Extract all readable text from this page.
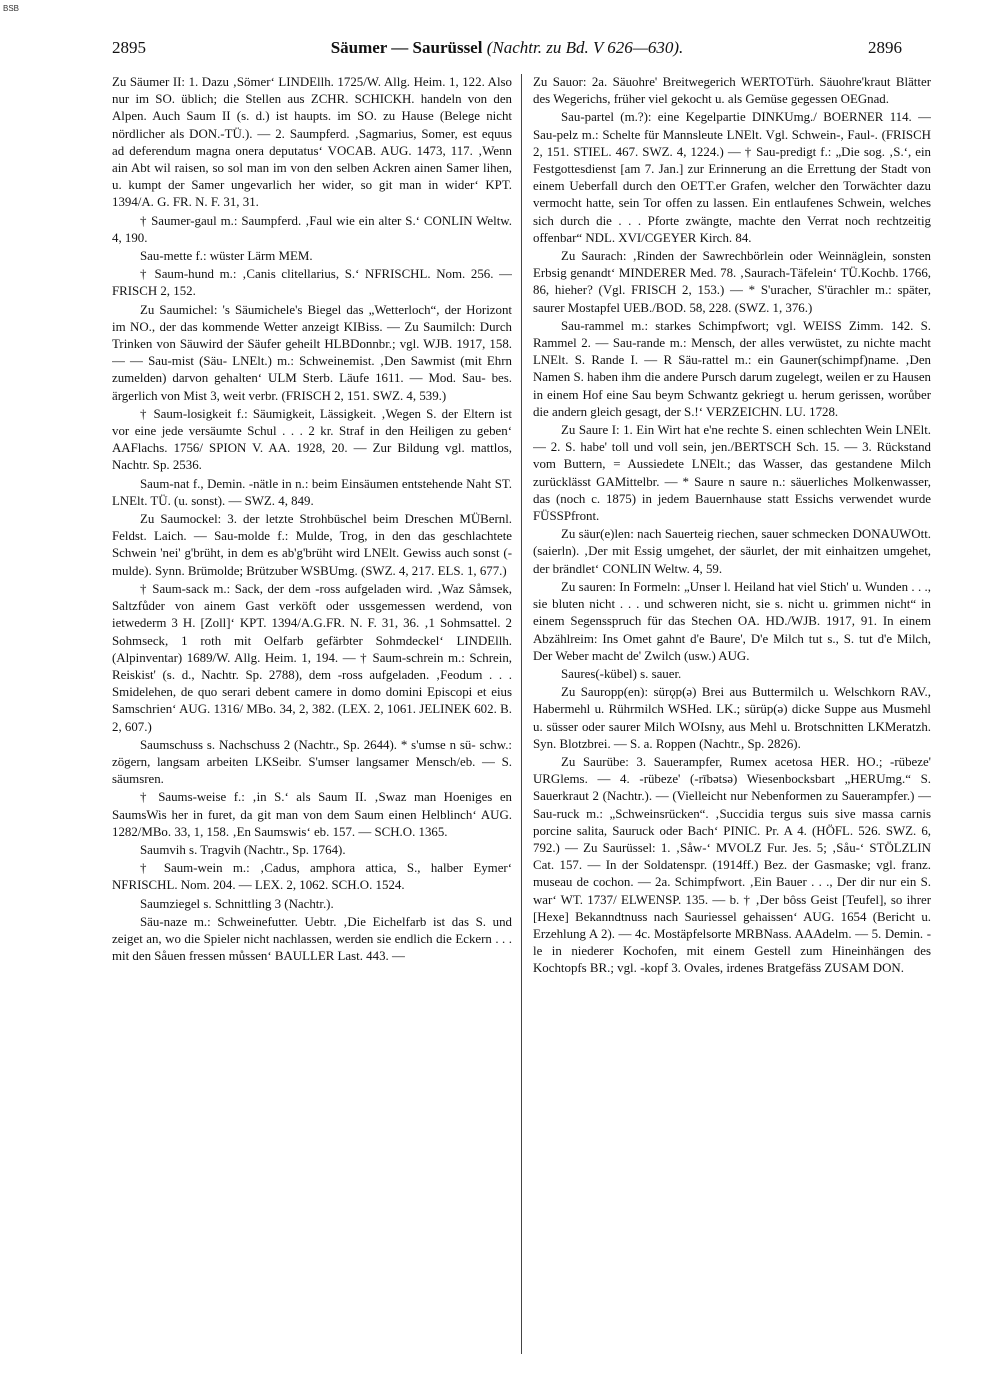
BSB
2895	Säumer — Saurüssel (Nachtr. zu Bd. V 626—630).	2896

Zu Säumer II: 1. Dazu ‚Sömer‘ LINDEllh. 1725/W. Allg. Heim. 1, 122. Also nur im SO. üblich; die Stellen aus ZCHR. SCHICKH. handeln von den Alpen. Auch Saum II (s. d.) ist haupts. im SO. zu Hause (Belege nicht nördlicher als DON.-TÜ.). — 2. Saumpferd. ‚Sagmarius, Somer, est equus ad deferendum magna onera deputatus‘ VOCAB. AUG. 1473, 117. ‚Wenn ain Abt wil raisen, so sol man im von den selben Ackren ainen Samer lihen, u. kumpt der Samer ungevarlich her wider, so git man in wider‘ KPT. 1394/A. G. FR. N. F. 31, 31.

† Saumer-gaul m.: Saumpferd. ‚Faul wie ein alter S.‘ CONLIN Weltw. 4, 190.

Sau-mette f.: wüster Lärm MEM.

† Saum-hund m.: ‚Canis clitellarius, S.‘ NFRISCHL. Nom. 256. — FRISCH 2, 152.

Zu Saumichel: 's Säumichele's Biegel das „Wetterloch“, der Horizont im NO., der das kommende Wetter anzeigt KIBiss. — Zu Saumilch: Durch Trinken von Säuwird der Säufer geheilt HLBDonnbr.; vgl. WJB. 1917, 158. — — Sau-mist (Säu- LNElt.) m.: Schweinemist. ‚Den Sawmist (mit Ehrn zumelden) darvon gehalten‘ ULM Sterb. Läufe 1611. — Mod. Sau- bes. ärgerlich von Mist 3, weit verbr. (FRISCH 2, 151. SWZ. 4, 539.)

† Saum-losigkeit f.: Säumigkeit, Lässigkeit. ‚Wegen S. der Eltern ist vor eine jede versäumte Schul . . . 2 kr. Straf in den Heiligen zu geben‘ AAFlachs. 1756/ SPION V. AA. 1928, 20. — Zur Bildung vgl. mattlos, Nachtr. Sp. 2536.

Saum-nat f., Demin. -nätle in n.: beim Einsäumen entstehende Naht ST. LNElt. TÜ. (u. sonst). — SWZ. 4, 849.

Zu Saumockel: 3. der letzte Strohbüschel beim Dreschen MÜBernl. Feldst. Laich. — Sau-molde f.: Mulde, Trog, in den das geschlachtete Schwein 'nei' g'brüht, in dem es ab'g'brüht wird LNElt. Gewiss auch sonst (-mulde). Synn. Brümolde; Brützuber WSBUmg. (SWZ. 4, 217. ELS. 1, 677.)

† Saum-sack m.: Sack, der dem -ross aufgeladen wird. ‚Waz Såmsek, Saltzfůder von ainem Gast verköft oder ussgemessen werdend, von ietwederm 3 H. [Zoll]‘ KPT. 1394/A.G.FR. N. F. 31, 36. ‚1 Sohmsattel. 2 Sohmseck, 1 roth mit Oelfarb gefärbter Sohmdeckel‘ LINDEllh. (Alpinventar) 1689/W. Allg. Heim. 1, 194. — † Saum-schrein m.: Schrein, Reiskist' (s. d., Nachtr. Sp. 2788), dem -ross aufgeladen. ‚Feodum . . . Smidelehen, de quo serari debent camere in domo domini Episcopi et eius Samschrien‘ AUG. 1316/ MBo. 34, 2, 382. (LEX. 2, 1061. JELINEK 602. B. 2, 607.)

Saumschuss s. Nachschuss 2 (Nachtr., Sp. 2644). * s'umse n sü- schw.: zögern, langsam arbeiten LKSeibr. S'umser langsamer Mensch/eb. — S. säumsren.

† Saums-weise f.: ‚in S.‘ als Saum II. ‚Swaz man Hoeniges en SaumsWis her in furet, da git man von dem Saum einen Helblinch‘ AUG. 1282/MBo. 33, 1, 158. ‚En Saumswis‘ eb. 157. — SCH.O. 1365.

Saumvih s. Tragvih (Nachtr., Sp. 1764).

† Saum-wein m.: ‚Cadus, amphora attica, S., halber Eymer‘ NFRISCHL. Nom. 204. — LEX. 2, 1062. SCH.O. 1524.

Saumziegel s. Schnittling 3 (Nachtr.).

Säu-naze m.: Schweinefutter. Uebtr. ‚Die Eichelfarb ist das S. und zeiget an, wo die Spieler nicht nachlassen, werden sie endlich die Eckern . . . mit den Såuen fressen můssen‘ BAULLER Last. 443. —

Zu Sauor: 2a. Säuohre' Breitwegerich WERTOTürh. Säuohre'kraut Blätter des Wegerichs, früher viel gekocht u. als Gemüse gegessen OEGnad.

Sau-partel (m.?): eine Kegelpartie DINKUmg./ BOERNER 114. — Sau-pelz m.: Schelte für Mannsleute LNElt. Vgl. Schwein-, Faul-. (FRISCH 2, 151. STIEL. 467. SWZ. 4, 1224.) — † Sau-predigt f.: „Die sog. ‚S.‘, ein Festgottesdienst [am 7. Jan.] zur Erinnerung an die Errettung der Stadt von einem Ueberfall durch den OETT.er Grafen, welcher den Torwächter dazu vermocht hatte, sein Tor offen zu lassen. Ein entlaufenes Schwein, welches sich durch die . . . Pforte zwängte, machte den Verrat noch rechtzeitig offenbar“ NDL. XVI/CGEYER Kirch. 84.

Zu Saurach: ‚Rinden der Sawrechbörlein oder Weinnäglein, sonsten Erbsig genandt‘ MINDERER Med. 78. ‚Saurach-Täfelein‘ TÜ.Kochb. 1766, 86, hieher? (Vgl. FRISCH 2, 153.) — * S'uracher, S'ürachler m.: später, saurer Mostapfel UEB./BOD. 58, 228. (SWZ. 1, 376.)

Sau-rammel m.: starkes Schimpfwort; vgl. WEISS Zimm. 142. S. Rammel 2. — Sau-rande m.: Mensch, der alles verwüstet, zu nichte macht LNElt. S. Rande I. — R Säu-rattel m.: ein Gauner(schimpf)name. ‚Den Namen S. haben ihm die andere Pursch darum zugelegt, weilen er zu Hausen in einem Hof eine Sau beym Schwantz gekriegt u. herum gerissen, worůber die andern gleich gesagt, der S.!‘ VERZEICHN. LU. 1728.

Zu Saure I: 1. Ein Wirt hat e'ne rechte S. einen schlechten Wein LNElt. — 2. S. habe' toll und voll sein, jen./BERTSCH Sch. 15. — 3. Rückstand vom Buttern, = Aussiedete LNElt.; das Wasser, das gestandene Milch zurücklässt GAMittelbr. — * Saure n saure n.: säuerliches Molkenwasser, das (noch c. 1875) in jedem Bauernhause statt Essichs verwendet wurde FÜSSPfront.

Zu säur(e)len: nach Sauerteig riechen, sauer schmecken DONAUWOtt. (saierln). ‚Der mit Essig umgehet, der säurlet, der mit einhaitzen umgehet, der brändlet‘ CONLIN Weltw. 4, 59.

Zu sauren: In Formeln: „Unser l. Heiland hat viel Stich' u. Wunden . . ., sie bluten nicht . . . und schweren nicht, sie s. nicht u. grimmen nicht“ in einem Segensspruch für das Stechen OA. HD./WJB. 1917, 91. In einem Abzählreim: Ins Omet gahnt d'e Baure', D'e Milch tut s., S. tut d'e Milch, Der Weber macht de' Zwilch (usw.) AUG.

Saures(-kübel) s. sauer.

Zu Sauropp(en): sürǫp(ə) Brei aus Buttermilch u. Welschkorn RAV., Habermehl u. Rührmilch WSHed. LK.; sürüp(ə) dicke Suppe aus Musmehl u. süsser oder saurer Milch WOIsny, aus Mehl u. Brotschnitten LKMeratzh. Syn. Blotzbrei. — S. a. Roppen (Nachtr., Sp. 2826).

Zu Saurübe: 3. Sauerampfer, Rumex acetosa HER. HO.; -rübeze' URGlems. — 4. -rübeze' (-rībətsə) Wiesenbocksbart „HERUmg.“ S. Sauerkraut 2 (Nachtr.). — (Vielleicht nur Nebenformen zu Sauerampfer.) — Sau-ruck m.: „Schweinsrücken“. ‚Succidia tergus suis sive massa carnis porcine salita, Sauruck oder Bach‘ PINIC. Pr. A 4. (HÖFL. 526. SWZ. 6, 792.) — Zu Saurüssel: 1. ‚Såw-‘ MVOLZ Fur. Jes. 5; ‚Såu-‘ STÖLZLIN Cat. 157. — In der Soldatenspr. (1914ff.) Bez. der Gasmaske; vgl. franz. museau de cochon. — 2a. Schimpfwort. ‚Ein Bauer . . ., Der dir nur ein S. war‘ WT. 1737/ ELWENSP. 135. — b. † ‚Der bôss Geist [Teufel], so ihrer [Hexe] Bekanndtnuss nach Sauriessel gehaissen‘ AUG. 1654 (Bericht u. Erzehlung A 2). — 4c. Mostäpfelsorte MRBNass. AAAdelm. — 5. Demin. -le in niederer Kochofen, mit einem Gestell zum Hineinhängen des Kochtopfs BR.; vgl. -kopf 3. Ovales, irdenes Bratgefäss ZUSAM DON.
